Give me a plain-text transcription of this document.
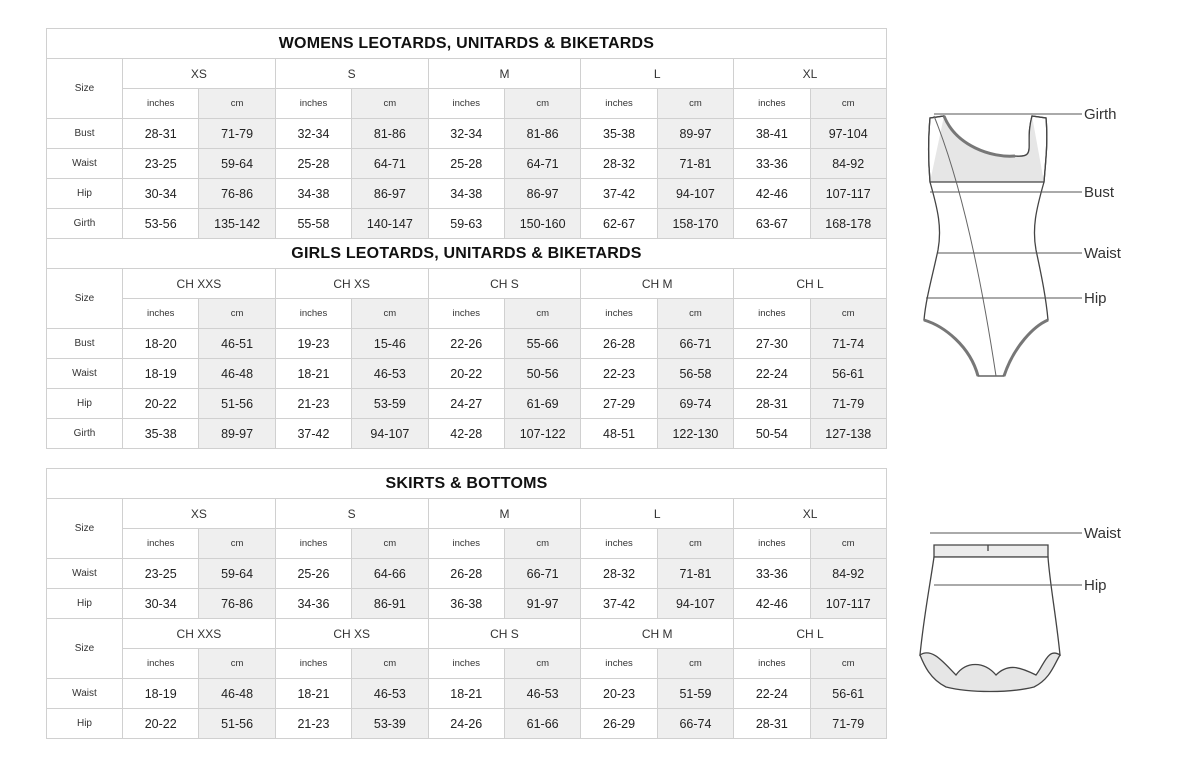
WOMENS LEOTARDS, UNITARDS & BIKETARDS										
Size	XS		S		M		L		XL	
	inches	cm	inches	cm	inches	cm	inches	cm	inches	cm
Bust	28-31	71-79	32-34	81-86	32-34	81-86	35-38	89-97	38-41	97-104
Waist	23-25	59-64	25-28	64-71	25-28	64-71	28-32	71-81	33-36	84-92
Hip	30-34	76-86	34-38	86-97	34-38	86-97	37-42	94-107	42-46	107-117
Girth	53-56	135-142	55-58	140-147	59-63	150-160	62-67	158-170	63-67	168-178
GIRLS LEOTARDS, UNITARDS & BIKETARDS										
Size	CH XXS		CH XS		CH S		CH M		CH L	
	inches	cm	inches	cm	inches	cm	inches	cm	inches	cm
Bust	18-20	46-51	19-23	15-46	22-26	55-66	26-28	66-71	27-30	71-74
Waist	18-19	46-48	18-21	46-53	20-22	50-56	22-23	56-58	22-24	56-61
Hip	20-22	51-56	21-23	53-59	24-27	61-69	27-29	69-74	28-31	71-79
Girth	35-38	89-97	37-42	94-107	42-28	107-122	48-51	122-130	50-54	127-138
SKIRTS & BOTTOMS										
Size	XS		S		M		L		XL	
	inches	cm	inches	cm	inches	cm	inches	cm	inches	cm
Waist	23-25	59-64	25-26	64-66	26-28	66-71	28-32	71-81	33-36	84-92
Hip	30-34	76-86	34-36	86-91	36-38	91-97	37-42	94-107	42-46	107-117
Size	CH XXS		CH XS		CH S		CH M		CH L	
	inches	cm	inches	cm	inches	cm	inches	cm	inches	cm
Waist	18-19	46-48	18-21	46-53	18-21	46-53	20-23	51-59	22-24	56-61
Hip	20-22	51-56	21-23	53-39	24-26	61-66	26-29	66-74	28-31	71-79
Girth
Bust
Waist
Hip
Waist
Hip
